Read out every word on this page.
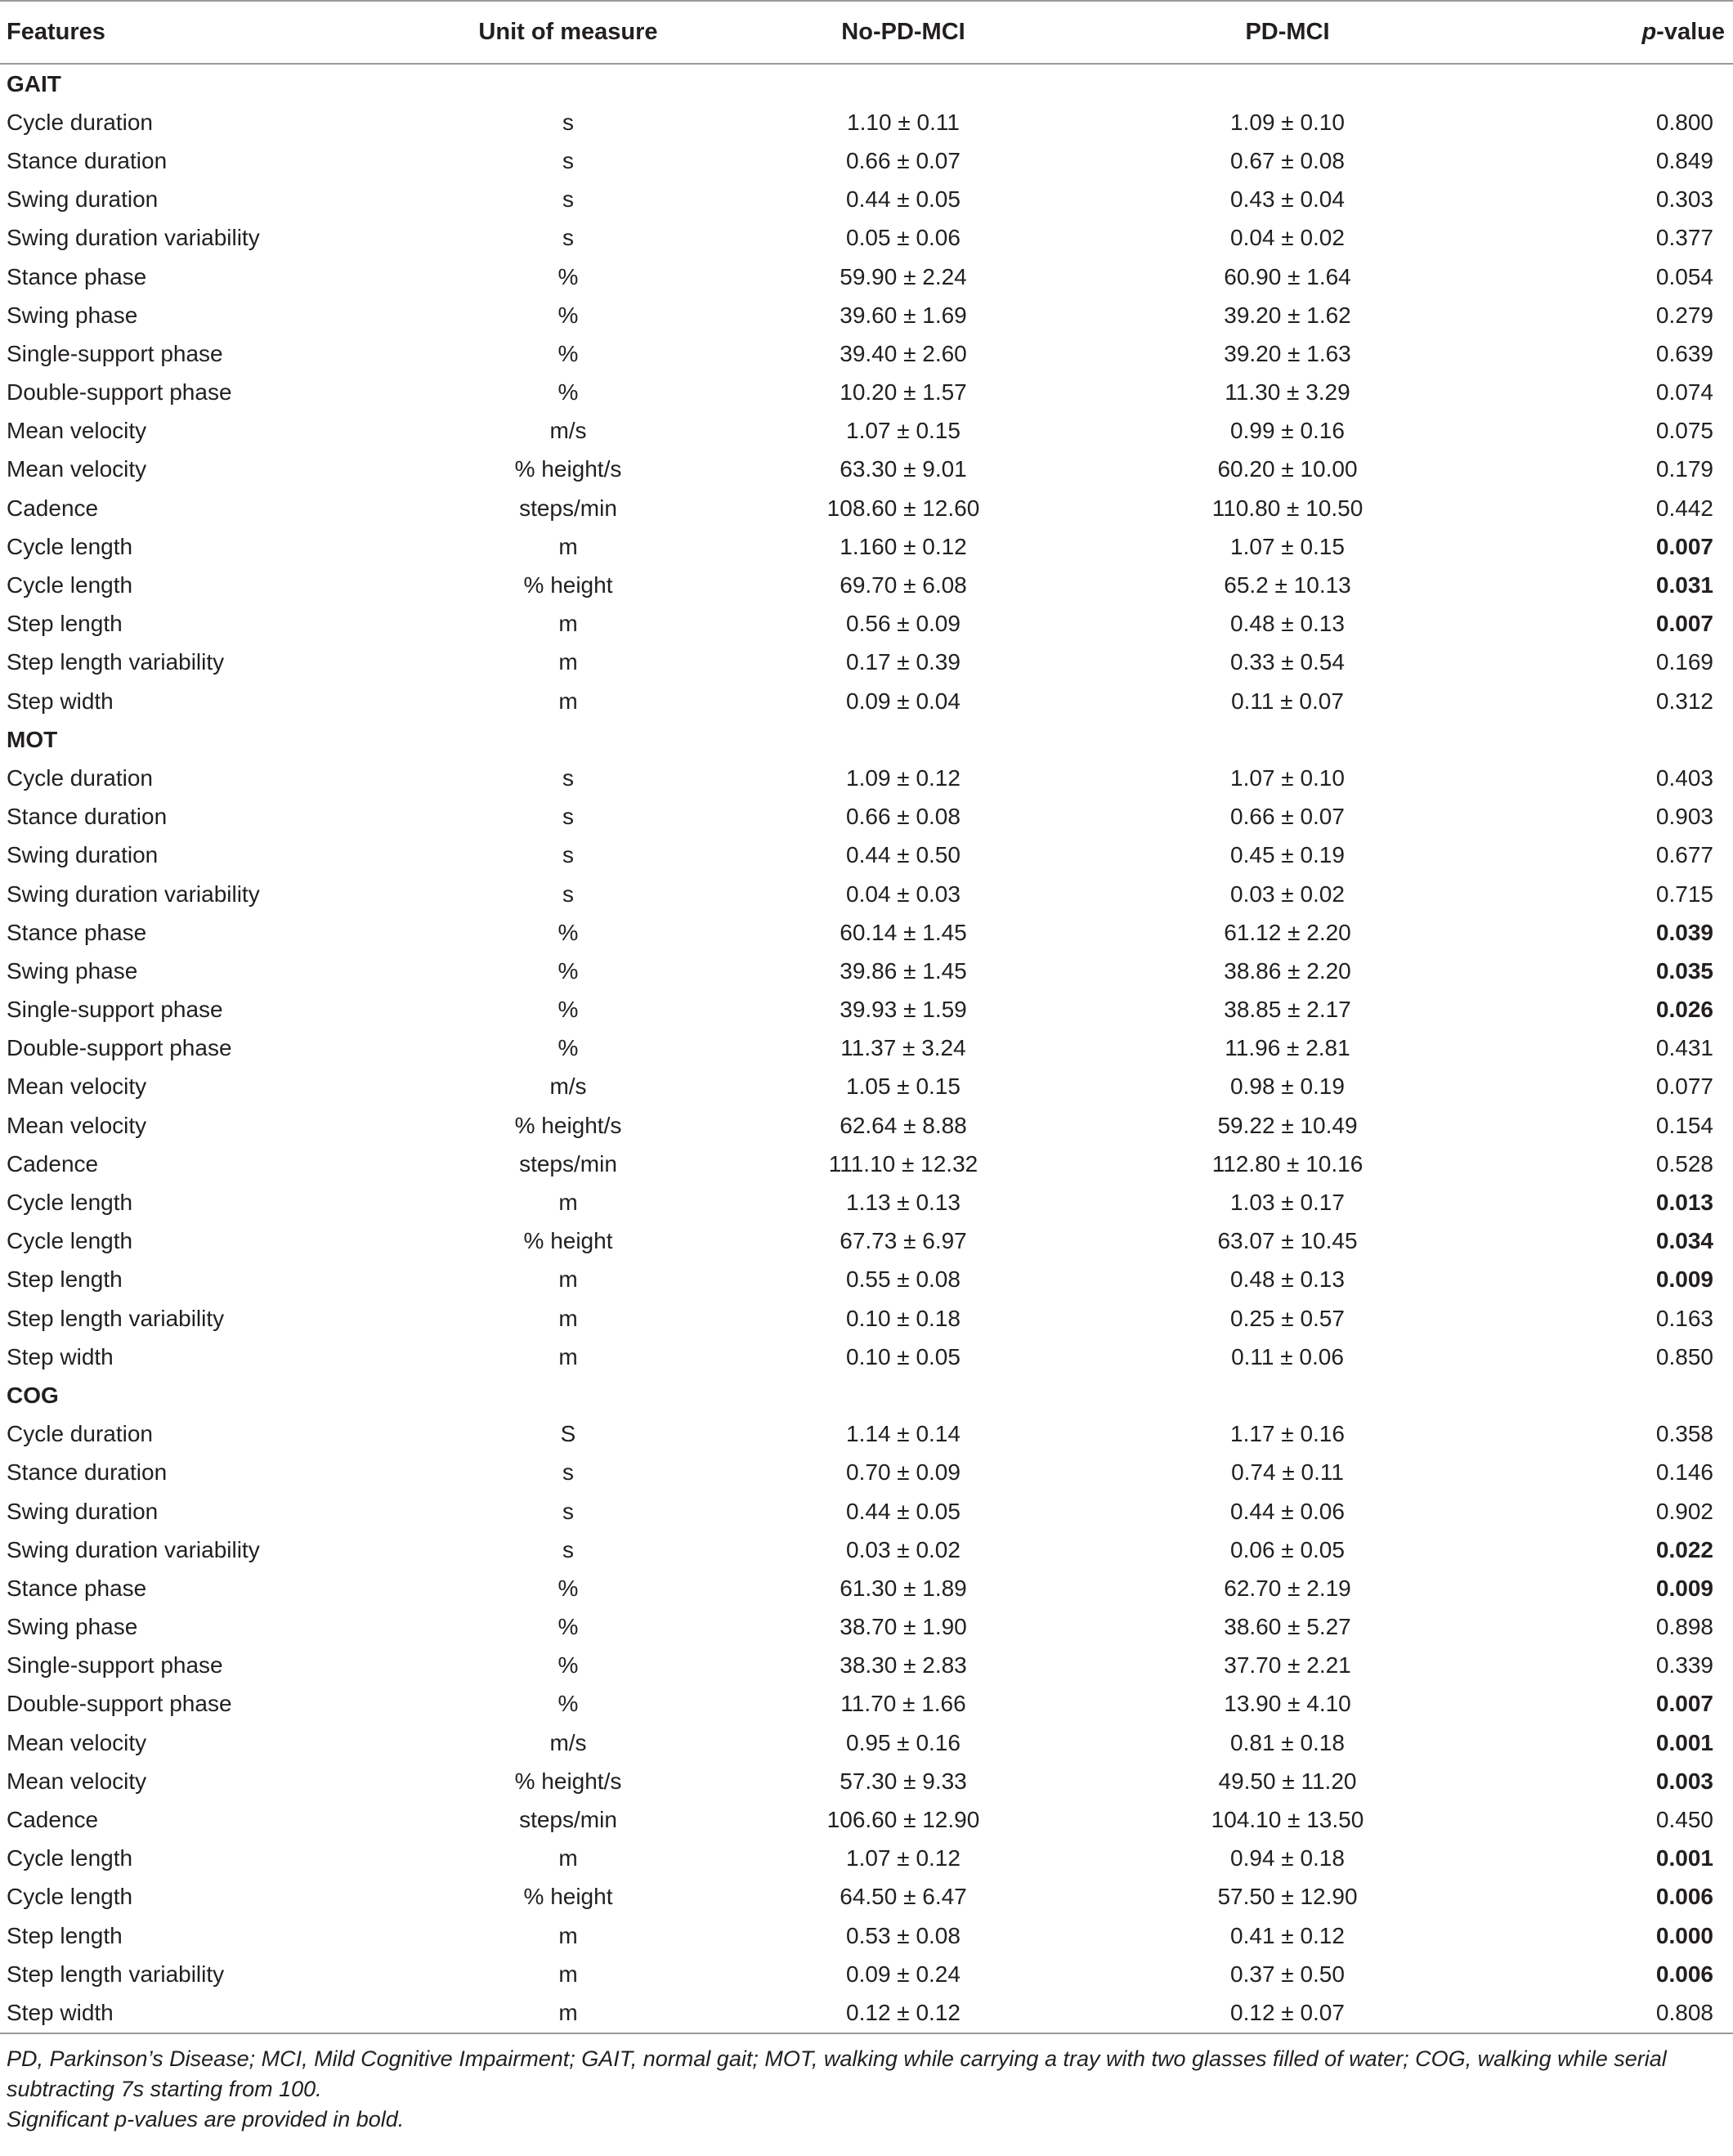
Features	Unit of measure	No-PD-MCI	PD-MCI	p-value
GAIT				
Cycle duration	s	1.10 ± 0.11	1.09 ± 0.10	0.800
Stance duration	s	0.66 ± 0.07	0.67 ± 0.08	0.849
Swing duration	s	0.44 ± 0.05	0.43 ± 0.04	0.303
Swing duration variability	s	0.05 ± 0.06	0.04 ± 0.02	0.377
Stance phase	%	59.90 ± 2.24	60.90 ± 1.64	0.054
Swing phase	%	39.60 ± 1.69	39.20 ± 1.62	0.279
Single-support phase	%	39.40 ± 2.60	39.20 ± 1.63	0.639
Double-support phase	%	10.20 ± 1.57	11.30 ± 3.29	0.074
Mean velocity	m/s	1.07 ± 0.15	0.99 ± 0.16	0.075
Mean velocity	% height/s	63.30 ± 9.01	60.20 ± 10.00	0.179
Cadence	steps/min	108.60 ± 12.60	110.80 ± 10.50	0.442
Cycle length	m	1.160 ± 0.12	1.07 ± 0.15	0.007
Cycle length	% height	69.70 ± 6.08	65.2 ± 10.13	0.031
Step length	m	0.56 ± 0.09	0.48 ± 0.13	0.007
Step length variability	m	0.17 ± 0.39	0.33 ± 0.54	0.169
Step width	m	0.09 ± 0.04	0.11 ± 0.07	0.312
MOT				
Cycle duration	s	1.09 ± 0.12	1.07 ± 0.10	0.403
Stance duration	s	0.66 ± 0.08	0.66 ± 0.07	0.903
Swing duration	s	0.44 ± 0.50	0.45 ± 0.19	0.677
Swing duration variability	s	0.04 ± 0.03	0.03 ± 0.02	0.715
Stance phase	%	60.14 ± 1.45	61.12 ± 2.20	0.039
Swing phase	%	39.86 ± 1.45	38.86 ± 2.20	0.035
Single-support phase	%	39.93 ± 1.59	38.85 ± 2.17	0.026
Double-support phase	%	11.37 ± 3.24	11.96 ± 2.81	0.431
Mean velocity	m/s	1.05 ± 0.15	0.98 ± 0.19	0.077
Mean velocity	% height/s	62.64 ± 8.88	59.22 ± 10.49	0.154
Cadence	steps/min	111.10 ± 12.32	112.80 ± 10.16	0.528
Cycle length	m	1.13 ± 0.13	1.03 ± 0.17	0.013
Cycle length	% height	67.73 ± 6.97	63.07 ± 10.45	0.034
Step length	m	0.55 ± 0.08	0.48 ± 0.13	0.009
Step length variability	m	0.10 ± 0.18	0.25 ± 0.57	0.163
Step width	m	0.10 ± 0.05	0.11 ± 0.06	0.850
COG				
Cycle duration	S	1.14 ± 0.14	1.17 ± 0.16	0.358
Stance duration	s	0.70 ± 0.09	0.74 ± 0.11	0.146
Swing duration	s	0.44 ± 0.05	0.44 ± 0.06	0.902
Swing duration variability	s	0.03 ± 0.02	0.06 ± 0.05	0.022
Stance phase	%	61.30 ± 1.89	62.70 ± 2.19	0.009
Swing phase	%	38.70 ± 1.90	38.60 ± 5.27	0.898
Single-support phase	%	38.30 ± 2.83	37.70 ± 2.21	0.339
Double-support phase	%	11.70 ± 1.66	13.90 ± 4.10	0.007
Mean velocity	m/s	0.95 ± 0.16	0.81 ± 0.18	0.001
Mean velocity	% height/s	57.30 ± 9.33	49.50 ± 11.20	0.003
Cadence	steps/min	106.60 ± 12.90	104.10 ± 13.50	0.450
Cycle length	m	1.07 ± 0.12	0.94 ± 0.18	0.001
Cycle length	% height	64.50 ± 6.47	57.50 ± 12.90	0.006
Step length	m	0.53 ± 0.08	0.41 ± 0.12	0.000
Step length variability	m	0.09 ± 0.24	0.37 ± 0.50	0.006
Step width	m	0.12 ± 0.12	0.12 ± 0.07	0.808

PD, Parkinson’s Disease; MCI, Mild Cognitive Impairment; GAIT, normal gait; MOT, walking while carrying a tray with two glasses filled of water; COG, walking while serial subtracting 7s starting from 100.

Significant p-values are provided in bold.
